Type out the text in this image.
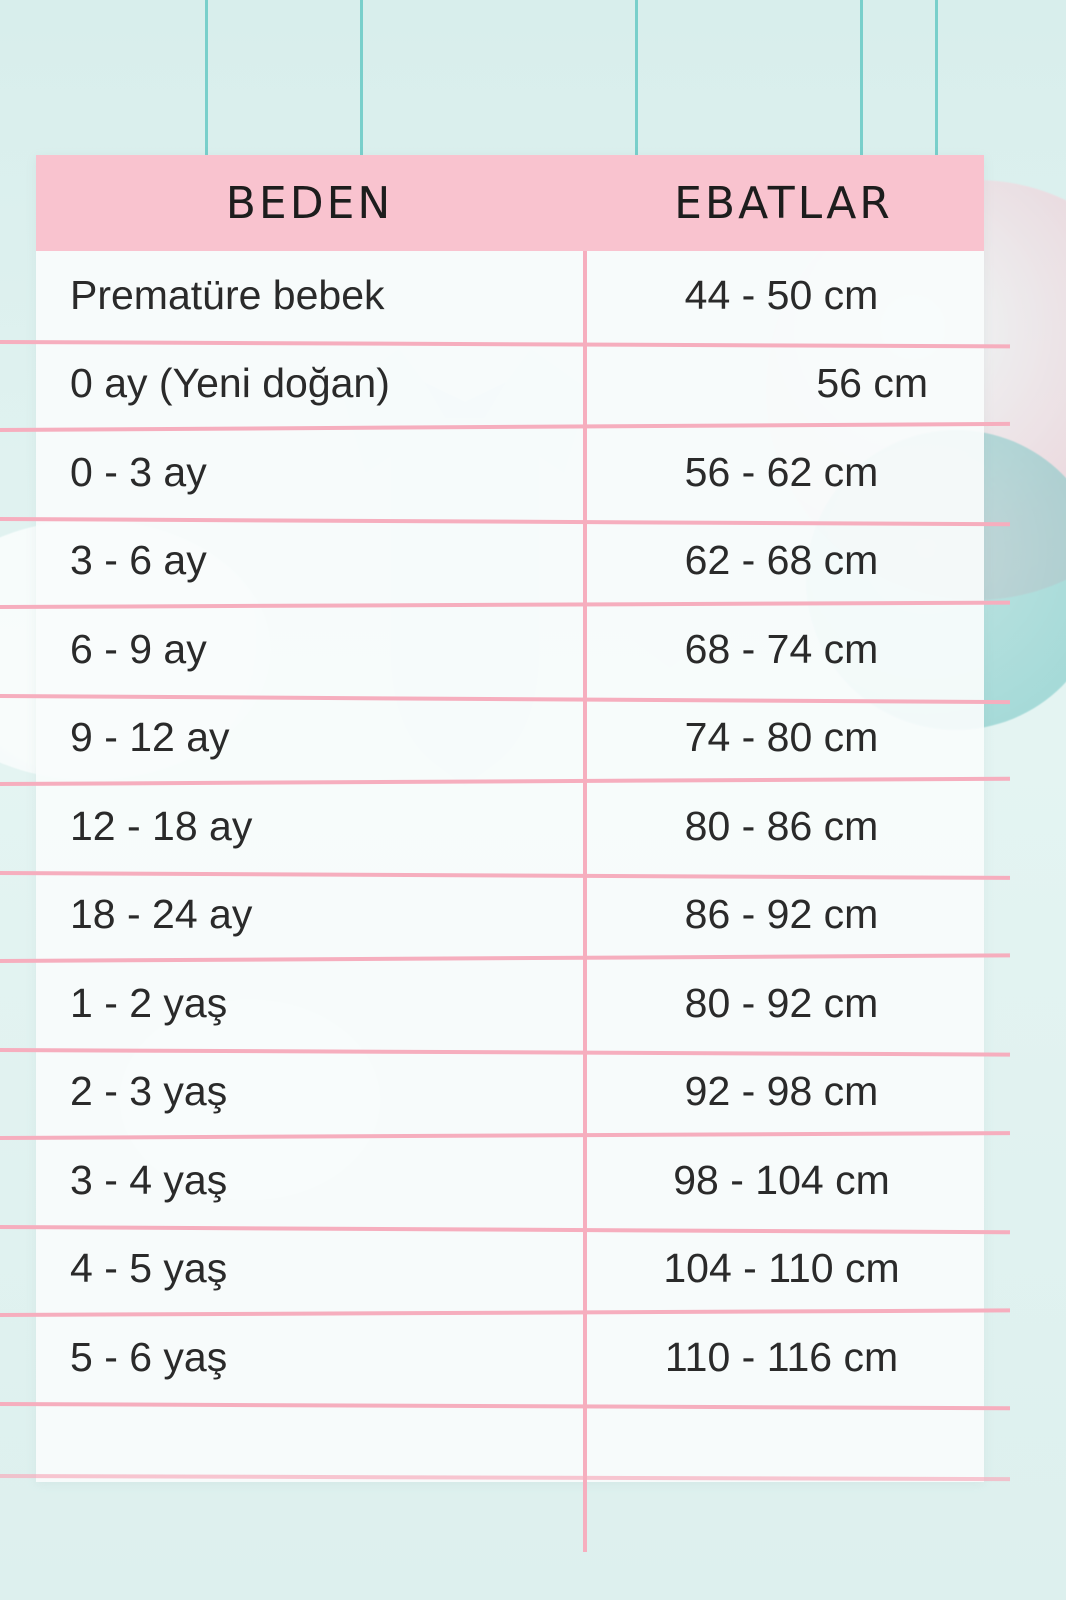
BEDEN	EBATLAR
Prematüre bebek	44 - 50 cm
0 ay (Yeni doğan)	56 cm
0 - 3 ay	56 - 62 cm
3 - 6 ay	62 - 68 cm
6 - 9 ay	68 - 74 cm
9 - 12 ay	74 - 80 cm
12 - 18 ay	80 - 86 cm
18 - 24 ay	86 - 92 cm
1 - 2 yaş	80 - 92 cm
2 - 3 yaş	92 - 98 cm
3 - 4 yaş	98 - 104 cm
4 - 5 yaş	104 - 110 cm
5 - 6 yaş	110 - 116 cm
